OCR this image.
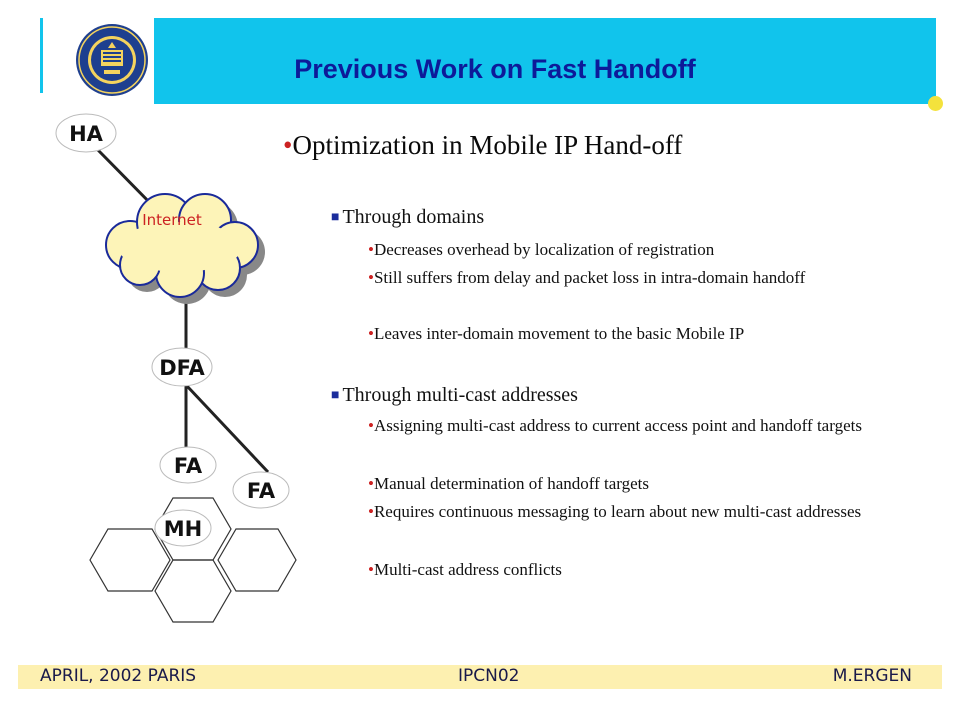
Previous Work on Fast Handoff
Internet
HA
DFA
FA
FA
MH
•Optimization in Mobile IP Hand-off
■ Through domains
•Decreases overhead by localization of registration
•Still suffers from delay and packet loss in intra-domain handoff
•Leaves inter-domain movement to the basic Mobile IP
■ Through multi-cast addresses
•Assigning multi-cast address to current access point and handoff targets
•Manual determination of handoff targets
•Requires continuous messaging to learn about new multi-cast addresses
•Multi-cast address conflicts
APRIL, 2002 PARIS	IPCN02	M.ERGEN
